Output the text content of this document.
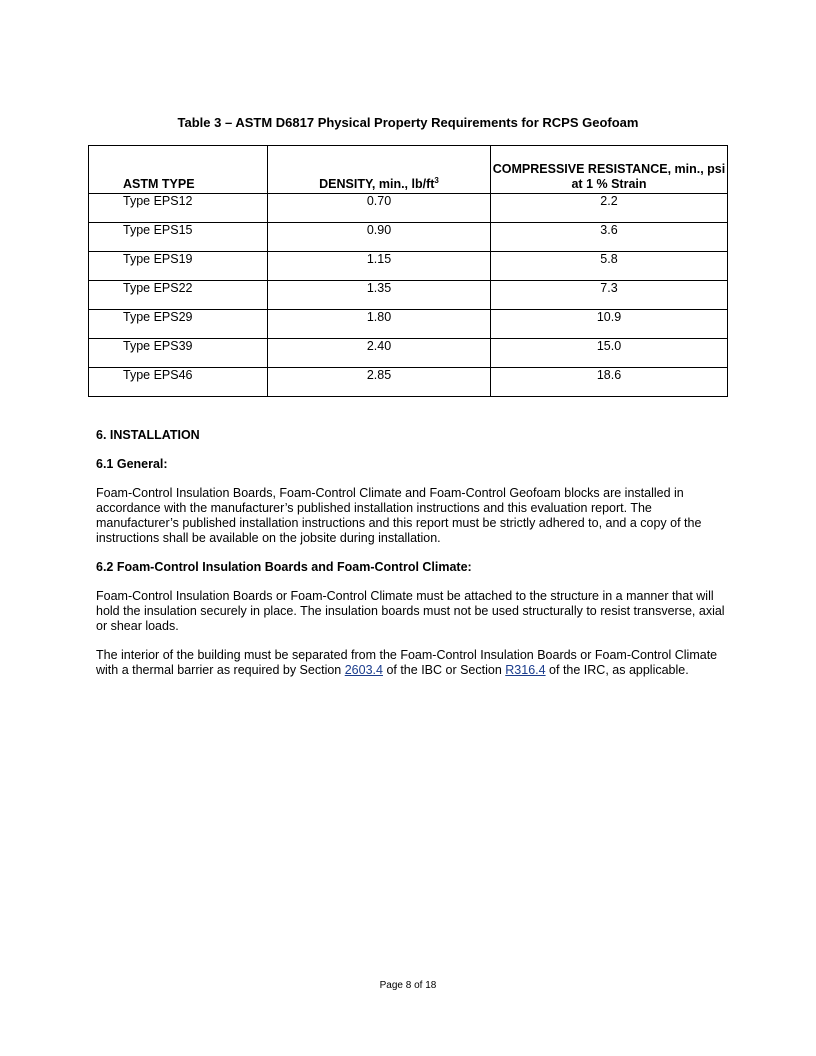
Table 3 – ASTM D6817 Physical Property Requirements for RCPS Geofoam
ASTM TYPE	DENSITY, min., $lb/ft^3$	COMPRESSIVE RESISTANCE, min., psi
at 1 % Strain
Type EPS12	0.70	2.2
Type EPS15	0.90	3.6
Type EPS19	1.15	5.8
Type EPS22	1.35	7.3
Type EPS29	1.80	10.9
Type EPS39	2.40	15.0
Type EPS46	2.85	18.6
6. INSTALLATION
6.1 General:

Foam-Control Insulation Boards, Foam-Control Climate and Foam-Control Geofoam blocks are installed in accordance with the manufacturer’s published installation instructions and this evaluation report. The manufacturer’s published installation instructions and this report must be strictly adhered to, and a copy of the instructions shall be available on the jobsite during installation.

6.2 Foam-Control Insulation Boards and Foam-Control Climate:

Foam-Control Insulation Boards or Foam-Control Climate must be attached to the structure in a manner that will hold the insulation securely in place. The insulation boards must not be used structurally to resist transverse, axial or shear loads.

The interior of the building must be separated from the Foam-Control Insulation Boards or Foam-Control Climate with a thermal barrier as required by Section 2603.4 of the IBC or Section R316.4 of the IRC, as applicable.

Page 8 of 18
